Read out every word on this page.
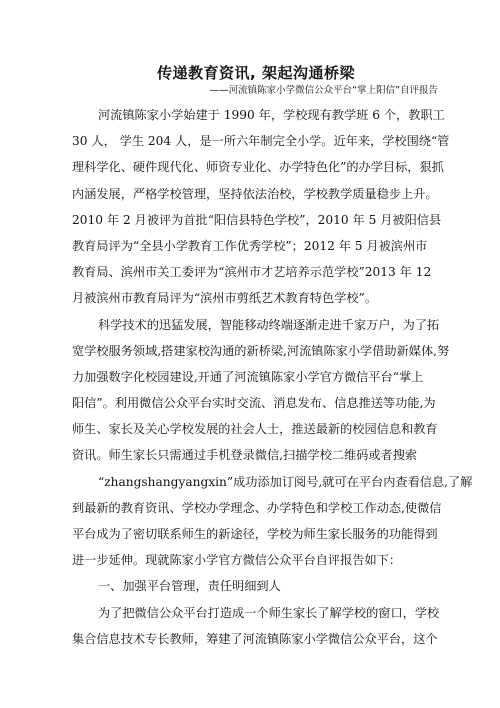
传递教育资讯, 架起沟通桥梁
——河流镇陈家小学微信公众平台“掌上阳信”自评报告
河流镇陈家小学始建于 1990 年，学校现有教学班 6 个，教职工
30 人， 学生 204 人，是一所六年制完全小学。近年来，学校围绕“管
理科学化、硬件现代化、师资专业化、办学特色化”的办学目标，狠抓
内涵发展，严格学校管理，坚持依法治校，学校教学质量稳步上升。
2010 年 2 月被评为首批“阳信县特色学校”，2010 年 5 月被阳信县
教育局评为“全县小学教育工作优秀学校”；2012 年 5 月被滨州市
教育局、滨州市关工委评为“滨州市才艺培养示范学校”2013 年 12
月被滨州市教育局评为“滨州市剪纸艺术教育特色学校”。
科学技术的迅猛发展，智能移动终端逐渐走进千家万户，为了拓
宽学校服务领域,搭建家校沟通的新桥梁,河流镇陈家小学借助新媒体,努
力加强数字化校园建设,开通了河流镇陈家小学官方微信平台“掌上
阳信”。利用微信公众平台实时交流、消息发布、信息推送等功能,为
师生、家长及关心学校发展的社会人士，推送最新的校园信息和教育
资讯。师生家长只需通过手机登录微信,扫描学校二维码或者搜索
“zhangshangyangxin”成功添加订阅号,就可在平台内查看信息,了解
到最新的教育资讯、学校办学理念、办学特色和学校工作动态,使微信
平台成为了密切联系师生的新途径，学校为师生家长服务的功能得到
进一步延伸。现就陈家小学官方微信公众平台自评报告如下：
一、加强平台管理，责任明细到人
为了把微信公众平台打造成一个师生家长了解学校的窗口，学校
集合信息技术专长教师，筹建了河流镇陈家小学微信公众平台，这个
